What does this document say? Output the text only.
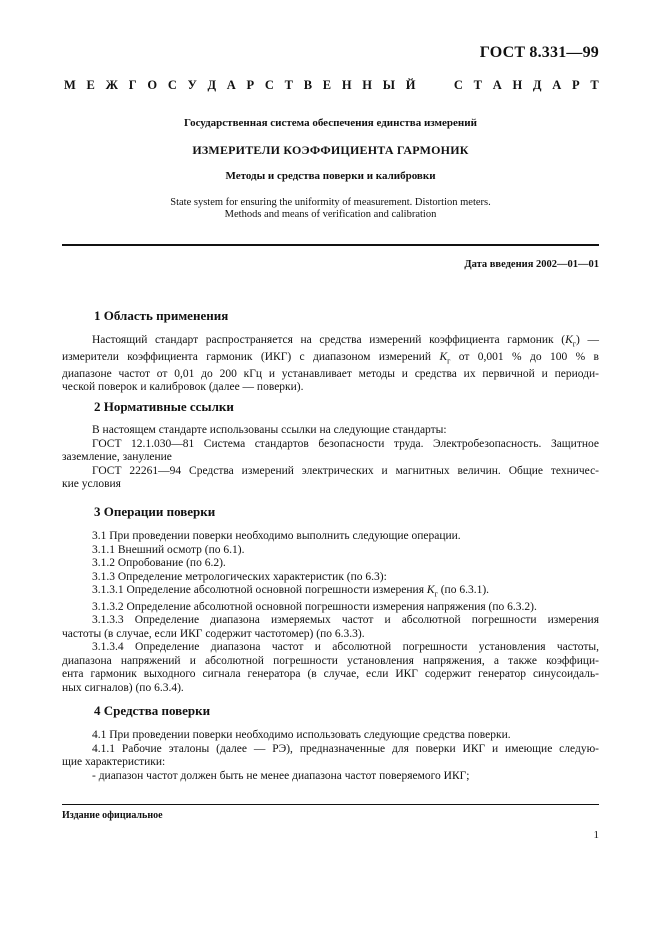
ГОСТ 8.331—99
М Е Ж Г О С У Д А Р С Т В Е Н Н Ы Й

	С Т А Н Д А Р Т
Государственная система обеспечения единства измерений
ИЗМЕРИТЕЛИ КОЭФФИЦИЕНТА ГАРМОНИК
Методы и средства поверки и калибровки
State system for ensuring the uniformity of measurement. Distortion meters.
Methods and means of verification and calibration
Дата введения 2002—01—01
1 Область применения
Настоящий стандарт распространяется на средства измерений коэффициента гармоник $(K_г)$ —
измерители коэффициента гармоник (ИКГ) с диапазоном измерений $K_г$ от 0,001 % до 100 % в
диапазоне частот от 0,01 до 200 кГц и устанавливает методы и средства их первичной и периоди-
ческой поверок и калибровок (далее — поверки).
2 Нормативные ссылки
В настоящем стандарте использованы ссылки на следующие стандарты:
ГОСТ 12.1.030—81 Система стандартов безопасности труда. Электробезопасность. Защитное
заземление, зануление
ГОСТ 22261—94 Средства измерений электрических и магнитных величин. Общие техничес-
кие условия
3 Операции поверки
3.1 При проведении поверки необходимо выполнить следующие операции.
3.1.1 Внешний осмотр (по 6.1).
3.1.2 Опробование (по 6.2).
3.1.3 Определение метрологических характеристик (по 6.3):
3.1.3.1 Определение абсолютной основной погрешности измерения $K_г$ (по 6.3.1).
3.1.3.2 Определение абсолютной основной погрешности измерения напряжения (по 6.3.2).
3.1.3.3 Определение диапазона измеряемых частот и абсолютной погрешности измерения
частоты (в случае, если ИКГ содержит частотомер) (по 6.3.3).
3.1.3.4 Определение диапазона частот и абсолютной погрешности установления частоты,
диапазона напряжений и абсолютной погрешности установления напряжения, а также коэффици-
ента гармоник выходного сигнала генератора (в случае, если ИКГ содержит генератор синусоидаль-
ных сигналов) (по 6.3.4).
4 Средства поверки
4.1 При проведении поверки необходимо использовать следующие средства поверки.
4.1.1 Рабочие эталоны (далее — РЭ), предназначенные для поверки ИКГ и имеющие следую-
щие характеристики:
- диапазон частот должен быть не менее диапазона частот поверяемого ИКГ;
Издание официальное
1
